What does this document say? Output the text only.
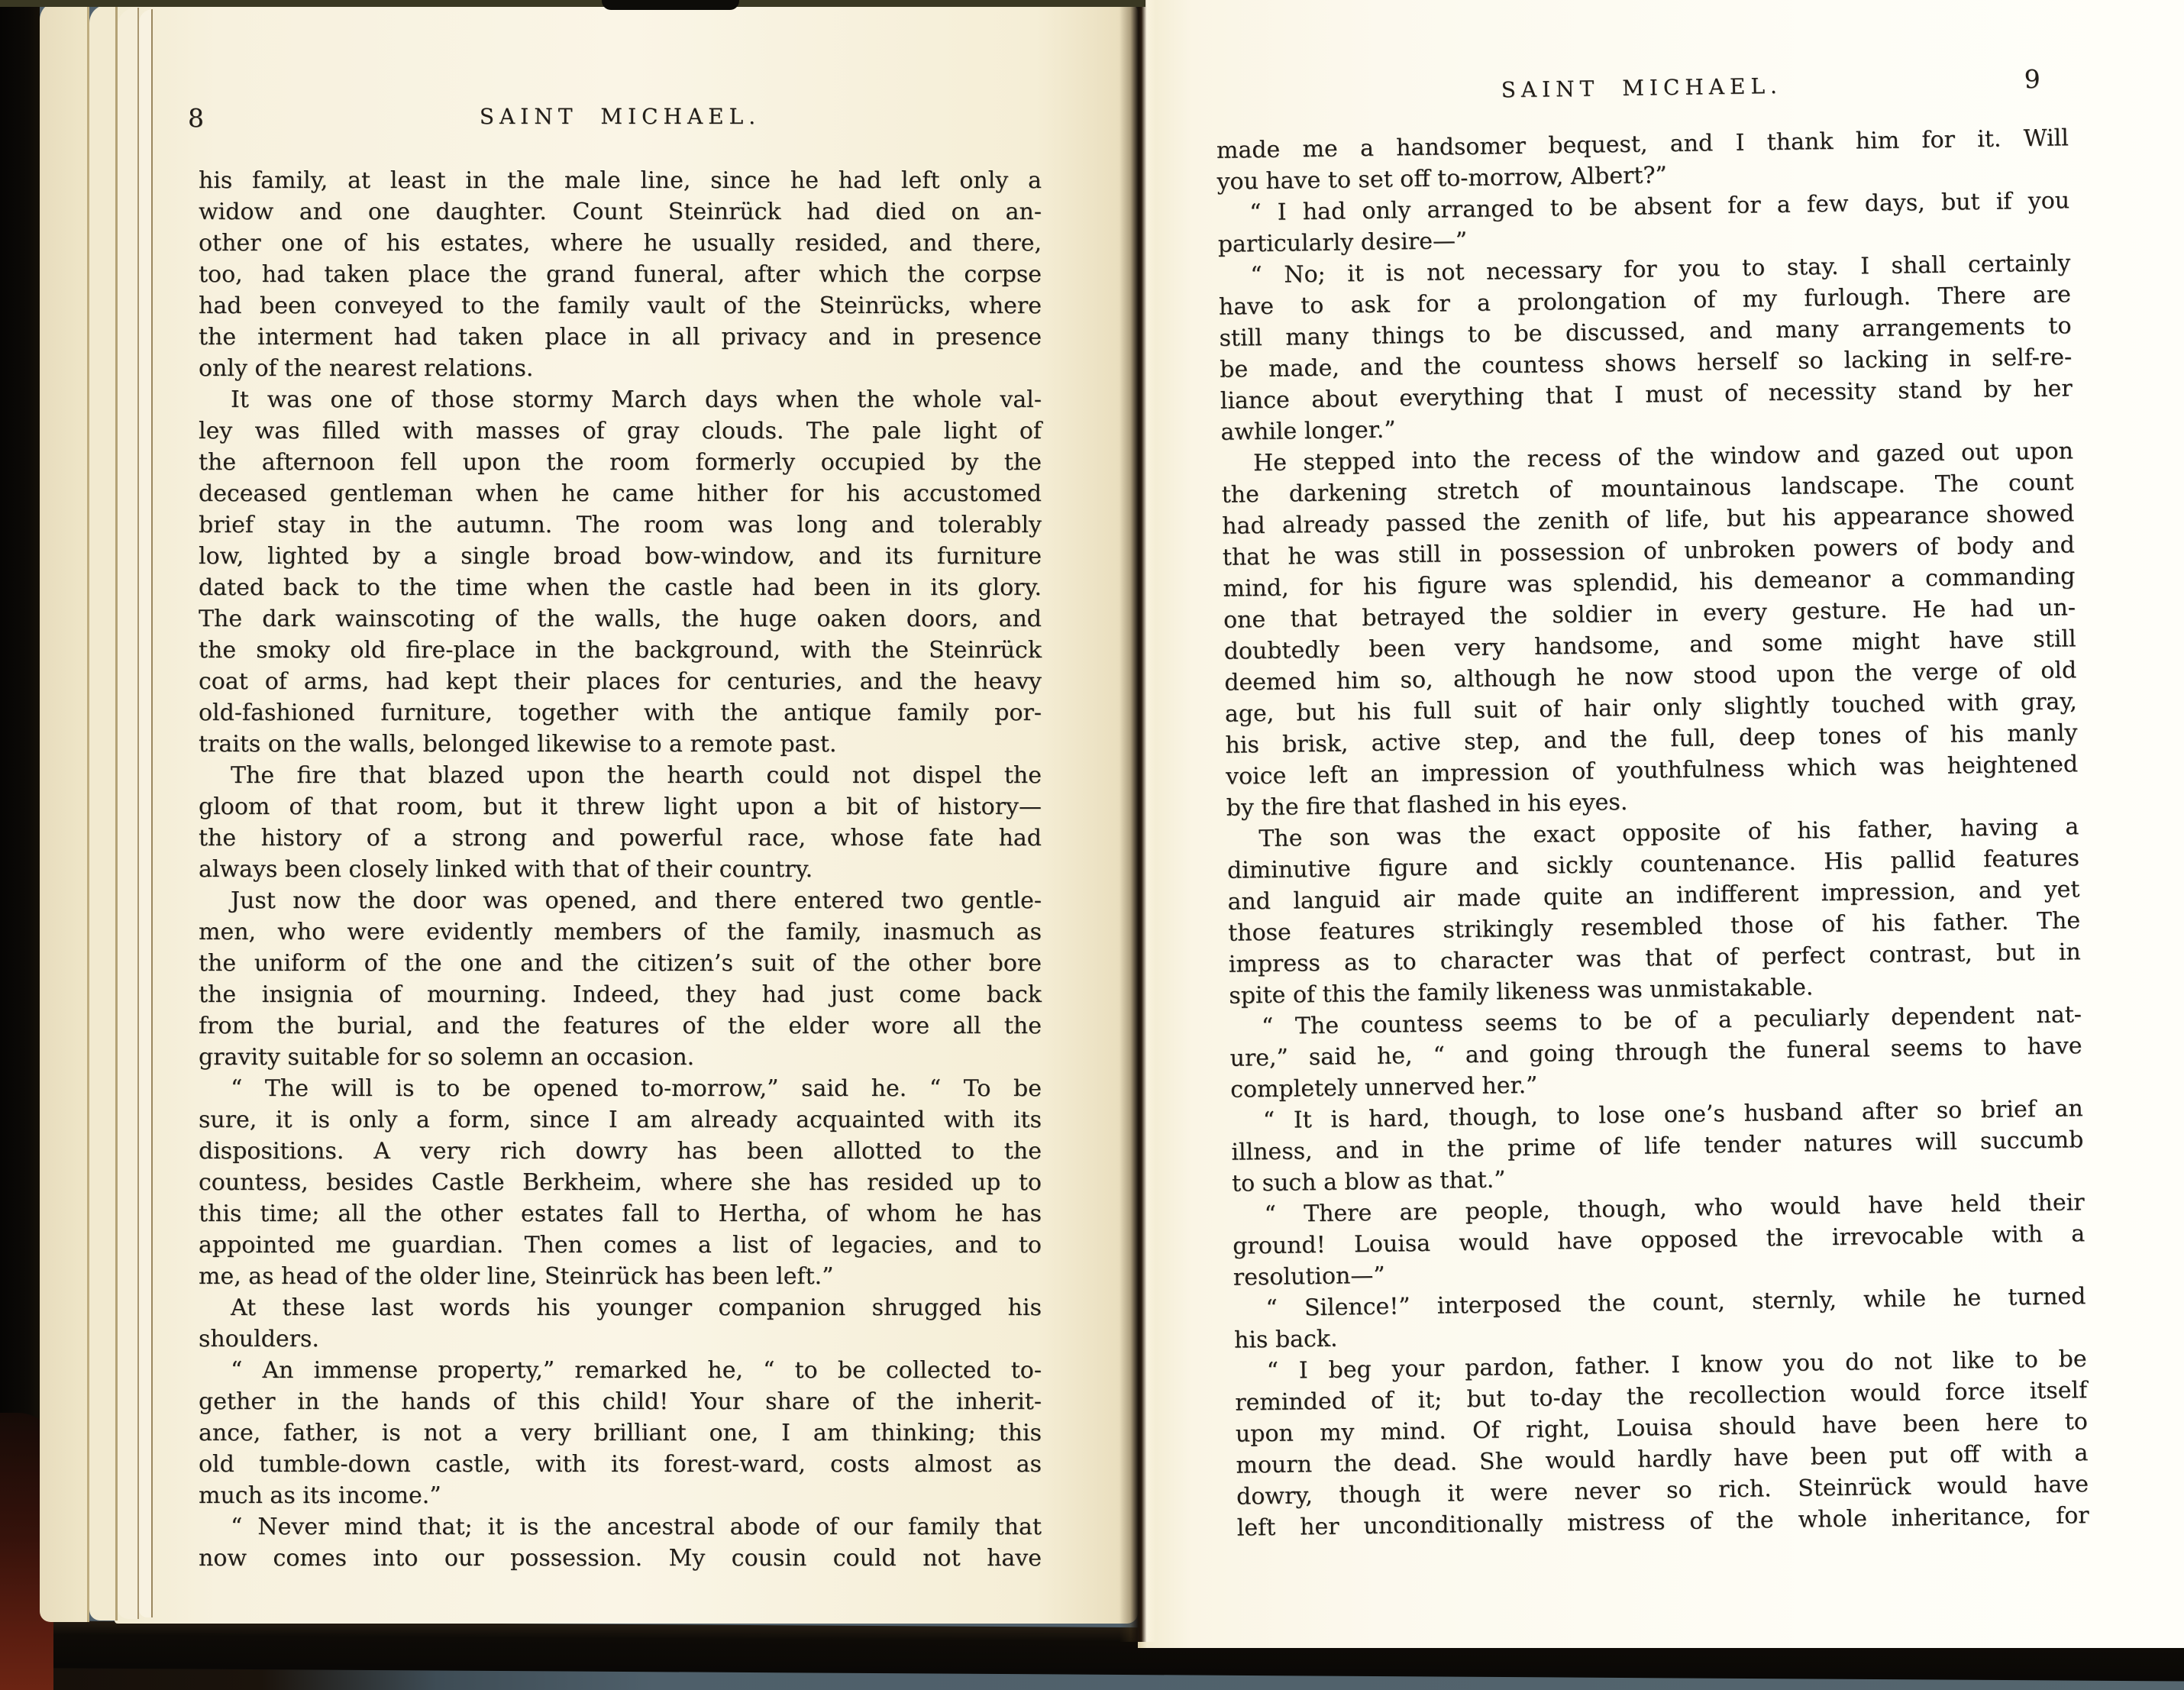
8	SAINT MICHAEL.
his family, at least in the male line, since he had left only a
widow and one daughter. Count Steinrück had died on an-
other one of his estates, where he usually resided, and there,
too, had taken place the grand funeral, after which the corpse
had been conveyed to the family vault of the Steinrücks, where
the interment had taken place in all privacy and in presence
only of the nearest relations.
It was one of those stormy March days when the whole val-
ley was filled with masses of gray clouds. The pale light of
the afternoon fell upon the room formerly occupied by the
deceased gentleman when he came hither for his accustomed
brief stay in the autumn. The room was long and tolerably
low, lighted by a single broad bow-window, and its furniture
dated back to the time when the castle had been in its glory.
The dark wainscoting of the walls, the huge oaken doors, and
the smoky old fire-place in the background, with the Steinrück
coat of arms, had kept their places for centuries, and the heavy
old-fashioned furniture, together with the antique family por-
traits on the walls, belonged likewise to a remote past.
The fire that blazed upon the hearth could not dispel the
gloom of that room, but it threw light upon a bit of history—
the history of a strong and powerful race, whose fate had
always been closely linked with that of their country.
Just now the door was opened, and there entered two gentle-
men, who were evidently members of the family, inasmuch as
the uniform of the one and the citizen’s suit of the other bore
the insignia of mourning. Indeed, they had just come back
from the burial, and the features of the elder wore all the
gravity suitable for so solemn an occasion.
“ The will is to be opened to-morrow,” said he. “ To be
sure, it is only a form, since I am already acquainted with its
dispositions. A very rich dowry has been allotted to the
countess, besides Castle Berkheim, where she has resided up to
this time; all the other estates fall to Hertha, of whom he has
appointed me guardian. Then comes a list of legacies, and to
me, as head of the older line, Steinrück has been left.”
At these last words his younger companion shrugged his
shoulders.
“ An immense property,” remarked he, “ to be collected to-
gether in the hands of this child! Your share of the inherit-
ance, father, is not a very brilliant one, I am thinking; this
old tumble-down castle, with its forest-ward, costs almost as
much as its income.”
“ Never mind that; it is the ancestral abode of our family that
now comes into our possession. My cousin could not have
SAINT MICHAEL.	9
made me a handsomer bequest, and I thank him for it. Will
you have to set off to-morrow, Albert?”
“ I had only arranged to be absent for a few days, but if you
particularly desire—”
“ No; it is not necessary for you to stay. I shall certainly
have to ask for a prolongation of my furlough. There are
still many things to be discussed, and many arrangements to
be made, and the countess shows herself so lacking in self-re-
liance about everything that I must of necessity stand by her
awhile longer.”
He stepped into the recess of the window and gazed out upon
the darkening stretch of mountainous landscape. The count
had already passed the zenith of life, but his appearance showed
that he was still in possession of unbroken powers of body and
mind, for his figure was splendid, his demeanor a commanding
one that betrayed the soldier in every gesture. He had un-
doubtedly been very handsome, and some might have still
deemed him so, although he now stood upon the verge of old
age, but his full suit of hair only slightly touched with gray,
his brisk, active step, and the full, deep tones of his manly
voice left an impression of youthfulness which was heightened
by the fire that flashed in his eyes.
The son was the exact opposite of his father, having a
diminutive figure and sickly countenance. His pallid features
and languid air made quite an indifferent impression, and yet
those features strikingly resembled those of his father. The
impress as to character was that of perfect contrast, but in
spite of this the family likeness was unmistakable.
“ The countess seems to be of a peculiarly dependent nat-
ure,” said he, “ and going through the funeral seems to have
completely unnerved her.”
“ It is hard, though, to lose one’s husband after so brief an
illness, and in the prime of life tender natures will succumb
to such a blow as that.”
“ There are people, though, who would have held their
ground! Louisa would have opposed the irrevocable with a
resolution—”
“ Silence!” interposed the count, sternly, while he turned
his back.
“ I beg your pardon, father. I know you do not like to be
reminded of it; but to-day the recollection would force itself
upon my mind. Of right, Louisa should have been here to
mourn the dead. She would hardly have been put off with a
dowry, though it were never so rich. Steinrück would have
left her unconditionally mistress of the whole inheritance, for
